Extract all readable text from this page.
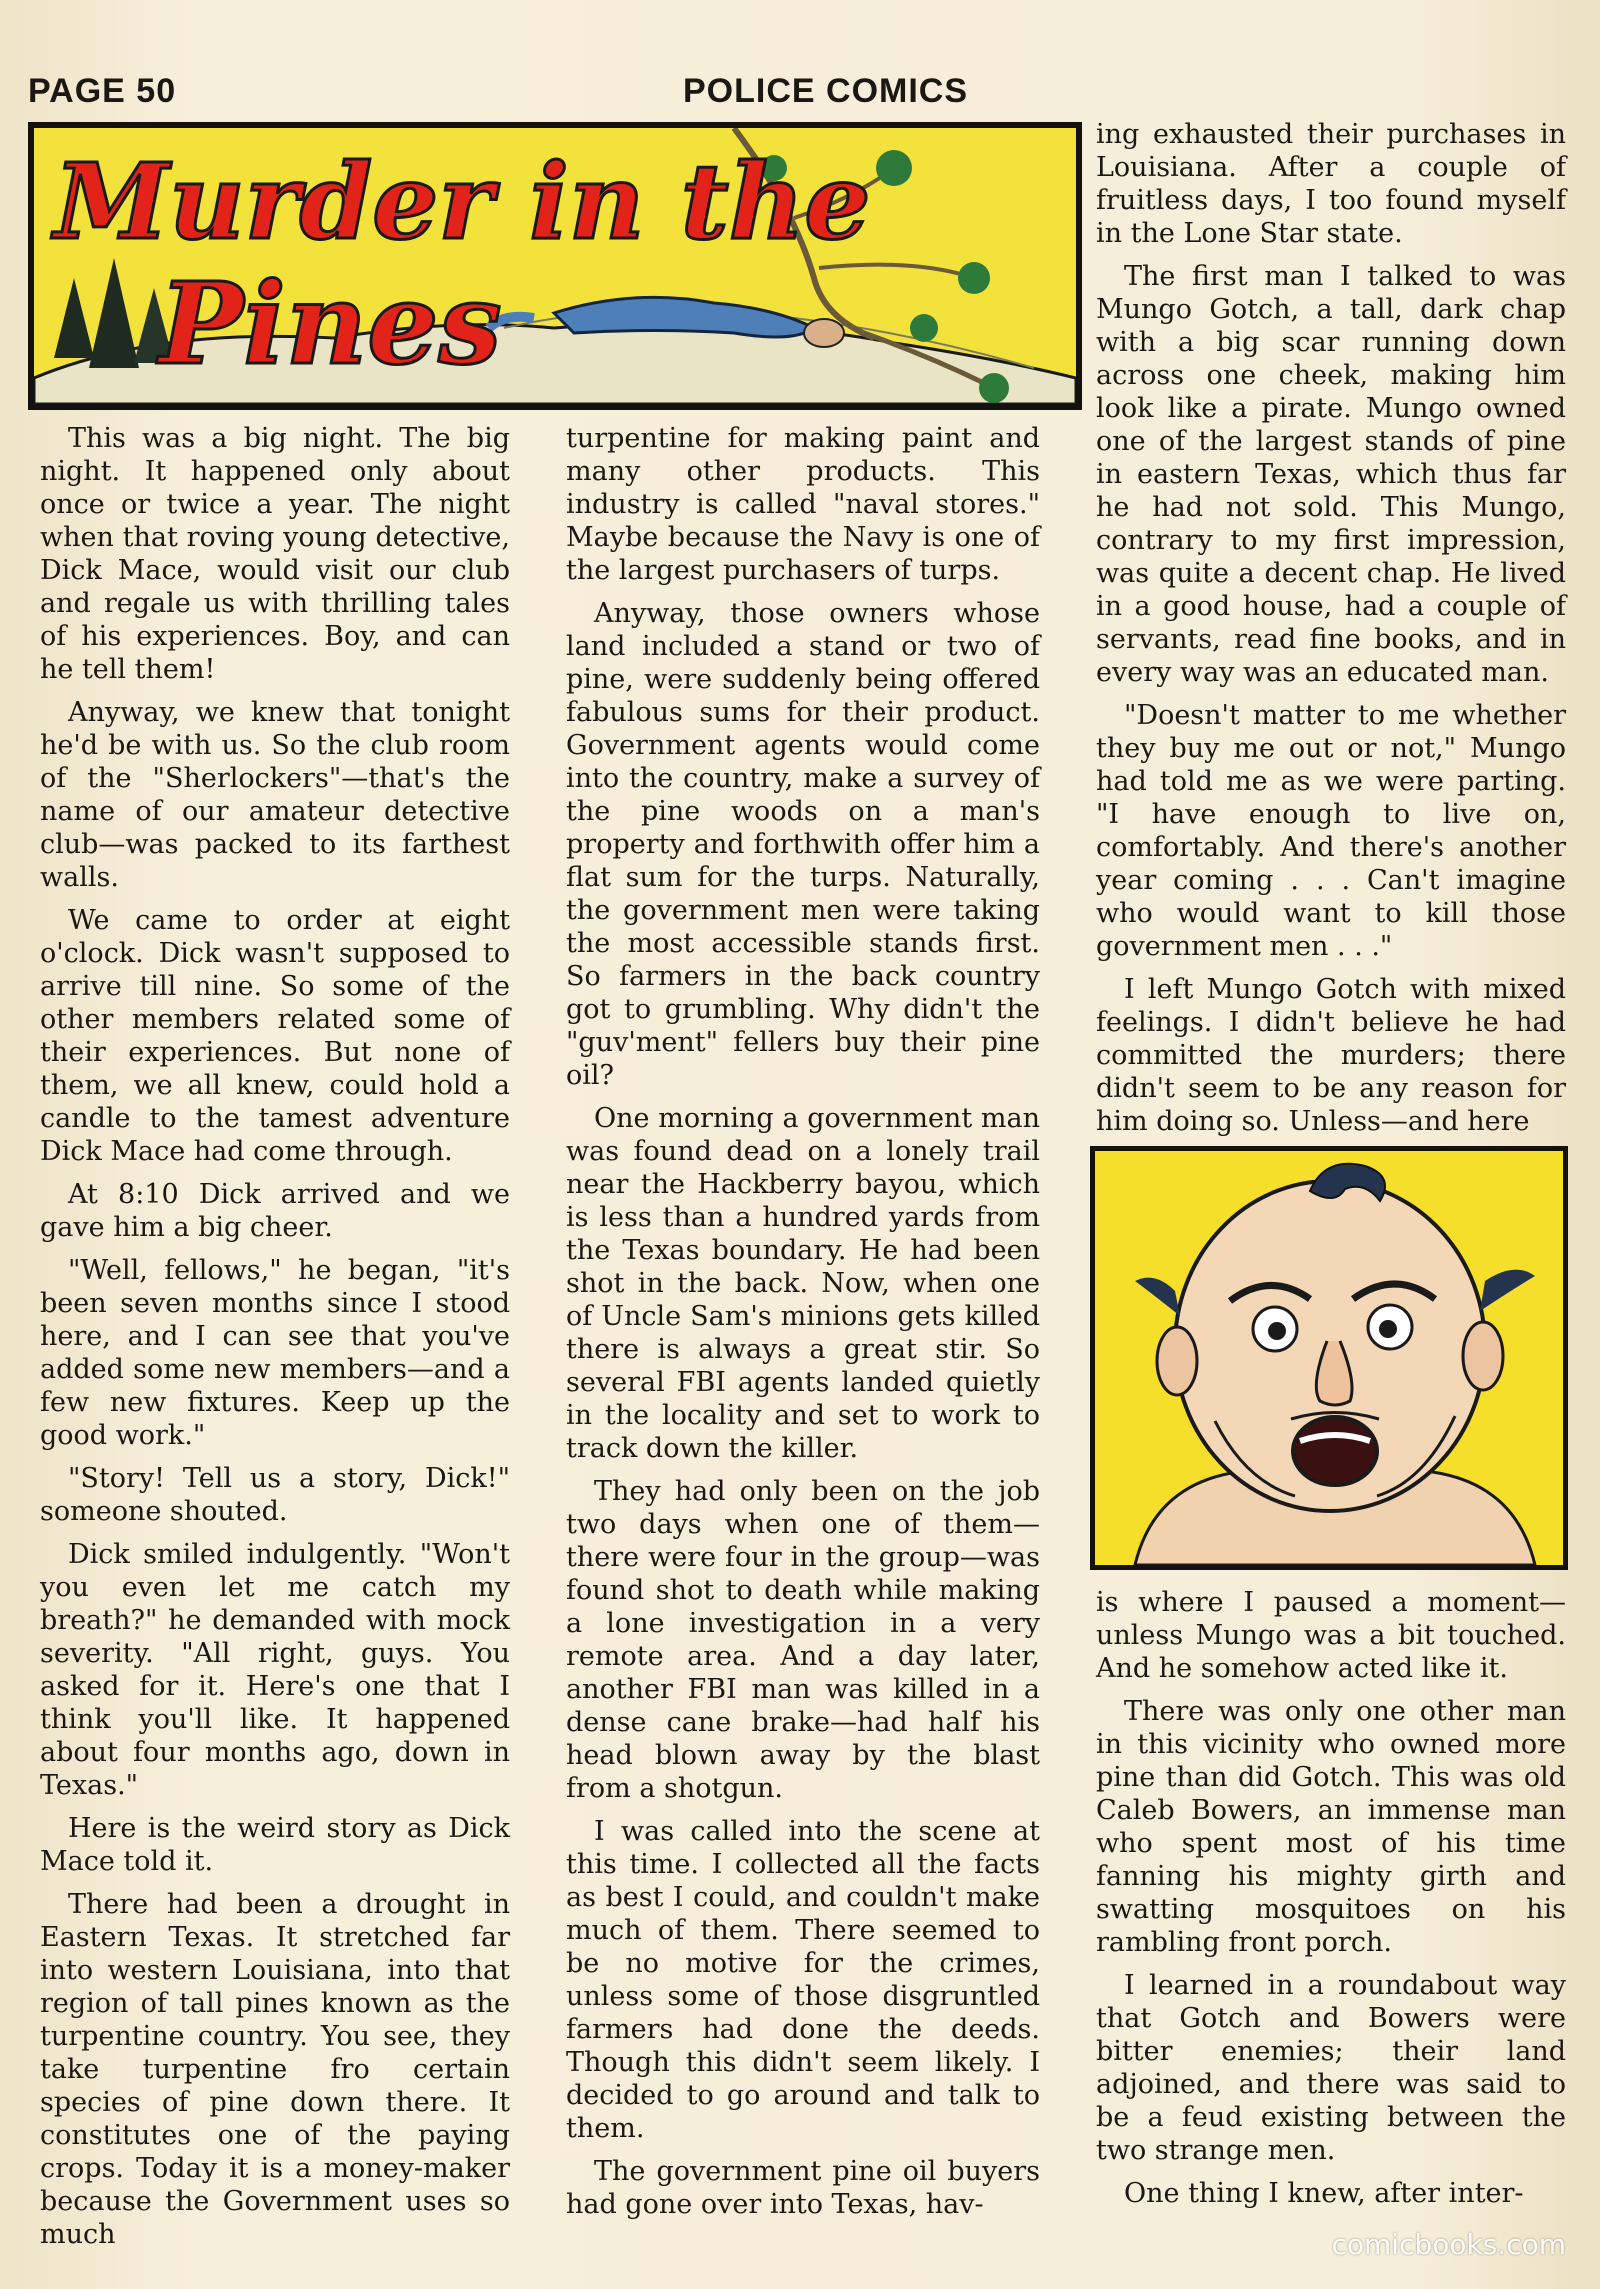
PAGE 50	POLICE COMICS
Murder in the
Pines

This was a big night. The big night. It happened only about once or twice a year. The night when that roving young detective, Dick Mace, would visit our club and regale us with thrilling tales of his experiences. Boy, and can he tell them!

Anyway, we knew that tonight he'd be with us. So the club room of the "Sherlockers"—that's the name of our amateur detective club—was packed to its farthest walls.

We came to order at eight o'clock. Dick wasn't supposed to arrive till nine. So some of the other members related some of their experiences. But none of them, we all knew, could hold a candle to the tamest adventure Dick Mace had come through.

At 8:10 Dick arrived and we gave him a big cheer.

"Well, fellows," he began, "it's been seven months since I stood here, and I can see that you've added some new members—and a few new fixtures. Keep up the good work."

"Story! Tell us a story, Dick!" someone shouted.

Dick smiled indulgently. "Won't you even let me catch my breath?" he demanded with mock severity. "All right, guys. You asked for it. Here's one that I think you'll like. It happened about four months ago, down in Texas."

Here is the weird story as Dick Mace told it.

There had been a drought in Eastern Texas. It stretched far into western Louisiana, into that region of tall pines known as the turpentine country. You see, they take turpentine fro certain species of pine down there. It constitutes one of the paying crops. Today it is a money-maker because the Government uses so much

turpentine for making paint and many other products. This industry is called "naval stores." Maybe because the Navy is one of the largest purchasers of turps.

Anyway, those owners whose land included a stand or two of pine, were suddenly being offered fabulous sums for their product. Government agents would come into the country, make a survey of the pine woods on a man's property and forthwith offer him a flat sum for the turps. Naturally, the government men were taking the most accessible stands first. So farmers in the back country got to grumbling. Why didn't the "guv'ment" fellers buy their pine oil?

One morning a government man was found dead on a lonely trail near the Hackberry bayou, which is less than a hundred yards from the Texas boundary. He had been shot in the back. Now, when one of Uncle Sam's minions gets killed there is always a great stir. So several FBI agents landed quietly in the locality and set to work to track down the killer.

They had only been on the job two days when one of them—there were four in the group—was found shot to death while making a lone investigation in a very remote area. And a day later, another FBI man was killed in a dense cane brake—had half his head blown away by the blast from a shotgun.

I was called into the scene at this time. I collected all the facts as best I could, and couldn't make much of them. There seemed to be no motive for the crimes, unless some of those disgruntled farmers had done the deeds. Though this didn't seem likely. I decided to go around and talk to them.

The government pine oil buyers had gone over into Texas, hav-

ing exhausted their purchases in Louisiana. After a couple of fruitless days, I too found myself in the Lone Star state.

The first man I talked to was Mungo Gotch, a tall, dark chap with a big scar running down across one cheek, making him look like a pirate. Mungo owned one of the largest stands of pine in eastern Texas, which thus far he had not sold. This Mungo, contrary to my first impression, was quite a decent chap. He lived in a good house, had a couple of servants, read fine books, and in every way was an educated man.

"Doesn't matter to me whether they buy me out or not," Mungo had told me as we were parting. "I have enough to live on, comfortably. And there's another year coming . . . Can't imagine who would want to kill those government men . . ."

I left Mungo Gotch with mixed feelings. I didn't believe he had committed the murders; there didn't seem to be any reason for him doing so. Unless—and here

is where I paused a moment—unless Mungo was a bit touched. And he somehow acted like it.

There was only one other man in this vicinity who owned more pine than did Gotch. This was old Caleb Bowers, an immense man who spent most of his time fanning his mighty girth and swatting mosquitoes on his rambling front porch.

I learned in a roundabout way that Gotch and Bowers were bitter enemies; their land adjoined, and there was said to be a feud existing between the two strange men.

One thing I knew, after inter-

comicbooks.com
